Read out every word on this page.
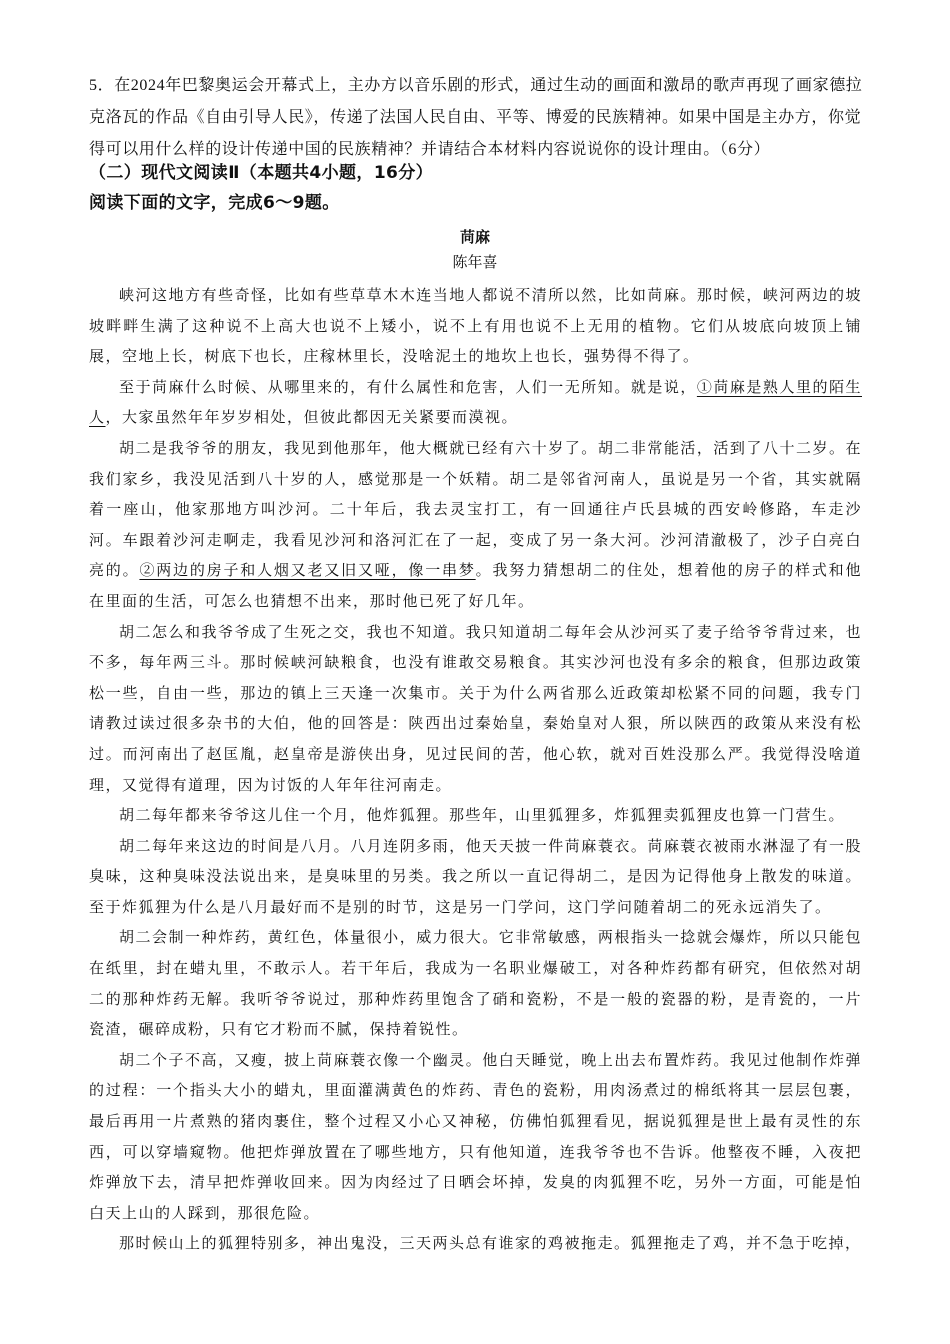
5．在2024年巴黎奥运会开幕式上，主办方以音乐剧的形式，通过生动的画面和激昂的歌声再现了画家德拉克洛瓦的作品《自由引导人民》，传递了法国人民自由、平等、博爱的民族精神。如果中国是主办方，你觉得可以用什么样的设计传递中国的民族精神？并请结合本材料内容说说你的设计理由。（6分）

（二）现代文阅读Ⅱ（本题共4小题，16分）

阅读下面的文字，完成6～9题。

苘麻

陈年喜

峡河这地方有些奇怪，比如有些草草木木连当地人都说不清所以然，比如苘麻。那时候，峡河两边的坡坡畔畔生满了这种说不上高大也说不上矮小，说不上有用也说不上无用的植物。它们从坡底向坡顶上铺展，空地上长，树底下也长，庄稼林里长，没啥泥土的地坎上也长，强势得不得了。

至于苘麻什么时候、从哪里来的，有什么属性和危害，人们一无所知。就是说，①苘麻是熟人里的陌生人，大家虽然年年岁岁相处，但彼此都因无关紧要而漠视。

胡二是我爷爷的朋友，我见到他那年，他大概就已经有六十岁了。胡二非常能活，活到了八十二岁。在我们家乡，我没见活到八十岁的人，感觉那是一个妖精。胡二是邻省河南人，虽说是另一个省，其实就隔着一座山，他家那地方叫沙河。二十年后，我去灵宝打工，有一回通往卢氏县城的西安岭修路，车走沙河。车跟着沙河走啊走，我看见沙河和洛河汇在了一起，变成了另一条大河。沙河清澈极了，沙子白亮白亮的。②两边的房子和人烟又老又旧又哑，像一串梦。我努力猜想胡二的住处，想着他的房子的样式和他在里面的生活，可怎么也猜想不出来，那时他已死了好几年。

胡二怎么和我爷爷成了生死之交，我也不知道。我只知道胡二每年会从沙河买了麦子给爷爷背过来，也不多，每年两三斗。那时候峡河缺粮食，也没有谁敢交易粮食。其实沙河也没有多余的粮食，但那边政策松一些，自由一些，那边的镇上三天逢一次集市。关于为什么两省那么近政策却松紧不同的问题，我专门请教过读过很多杂书的大伯，他的回答是：陕西出过秦始皇，秦始皇对人狠，所以陕西的政策从来没有松过。而河南出了赵匡胤，赵皇帝是游侠出身，见过民间的苦，他心软，就对百姓没那么严。我觉得没啥道理，又觉得有道理，因为讨饭的人年年往河南走。

胡二每年都来爷爷这儿住一个月，他炸狐狸。那些年，山里狐狸多，炸狐狸卖狐狸皮也算一门营生。

胡二每年来这边的时间是八月。八月连阴多雨，他天天披一件苘麻蓑衣。苘麻蓑衣被雨水淋湿了有一股臭味，这种臭味没法说出来，是臭味里的另类。我之所以一直记得胡二，是因为记得他身上散发的味道。至于炸狐狸为什么是八月最好而不是别的时节，这是另一门学问，这门学问随着胡二的死永远消失了。

胡二会制一种炸药，黄红色，体量很小，威力很大。它非常敏感，两根指头一捻就会爆炸，所以只能包在纸里，封在蜡丸里，不敢示人。若干年后，我成为一名职业爆破工，对各种炸药都有研究，但依然对胡二的那种炸药无解。我听爷爷说过，那种炸药里饱含了硝和瓷粉，不是一般的瓷器的粉，是青瓷的，一片瓷渣，碾碎成粉，只有它才粉而不腻，保持着锐性。

胡二个子不高，又瘦，披上苘麻蓑衣像一个幽灵。他白天睡觉，晚上出去布置炸药。我见过他制作炸弹的过程：一个指头大小的蜡丸，里面灌满黄色的炸药、青色的瓷粉，用肉汤煮过的棉纸将其一层层包裹，最后再用一片煮熟的猪肉裹住，整个过程又小心又神秘，仿佛怕狐狸看见，据说狐狸是世上最有灵性的东西，可以穿墙窥物。他把炸弹放置在了哪些地方，只有他知道，连我爷爷也不告诉。他整夜不睡，入夜把炸弹放下去，清早把炸弹收回来。因为肉经过了日晒会坏掉，发臭的肉狐狸不吃，另外一方面，可能是怕白天上山的人踩到，那很危险。

那时候山上的狐狸特别多，神出鬼没，三天两头总有谁家的鸡被拖走。狐狸拖走了鸡，并不急于吃掉，
